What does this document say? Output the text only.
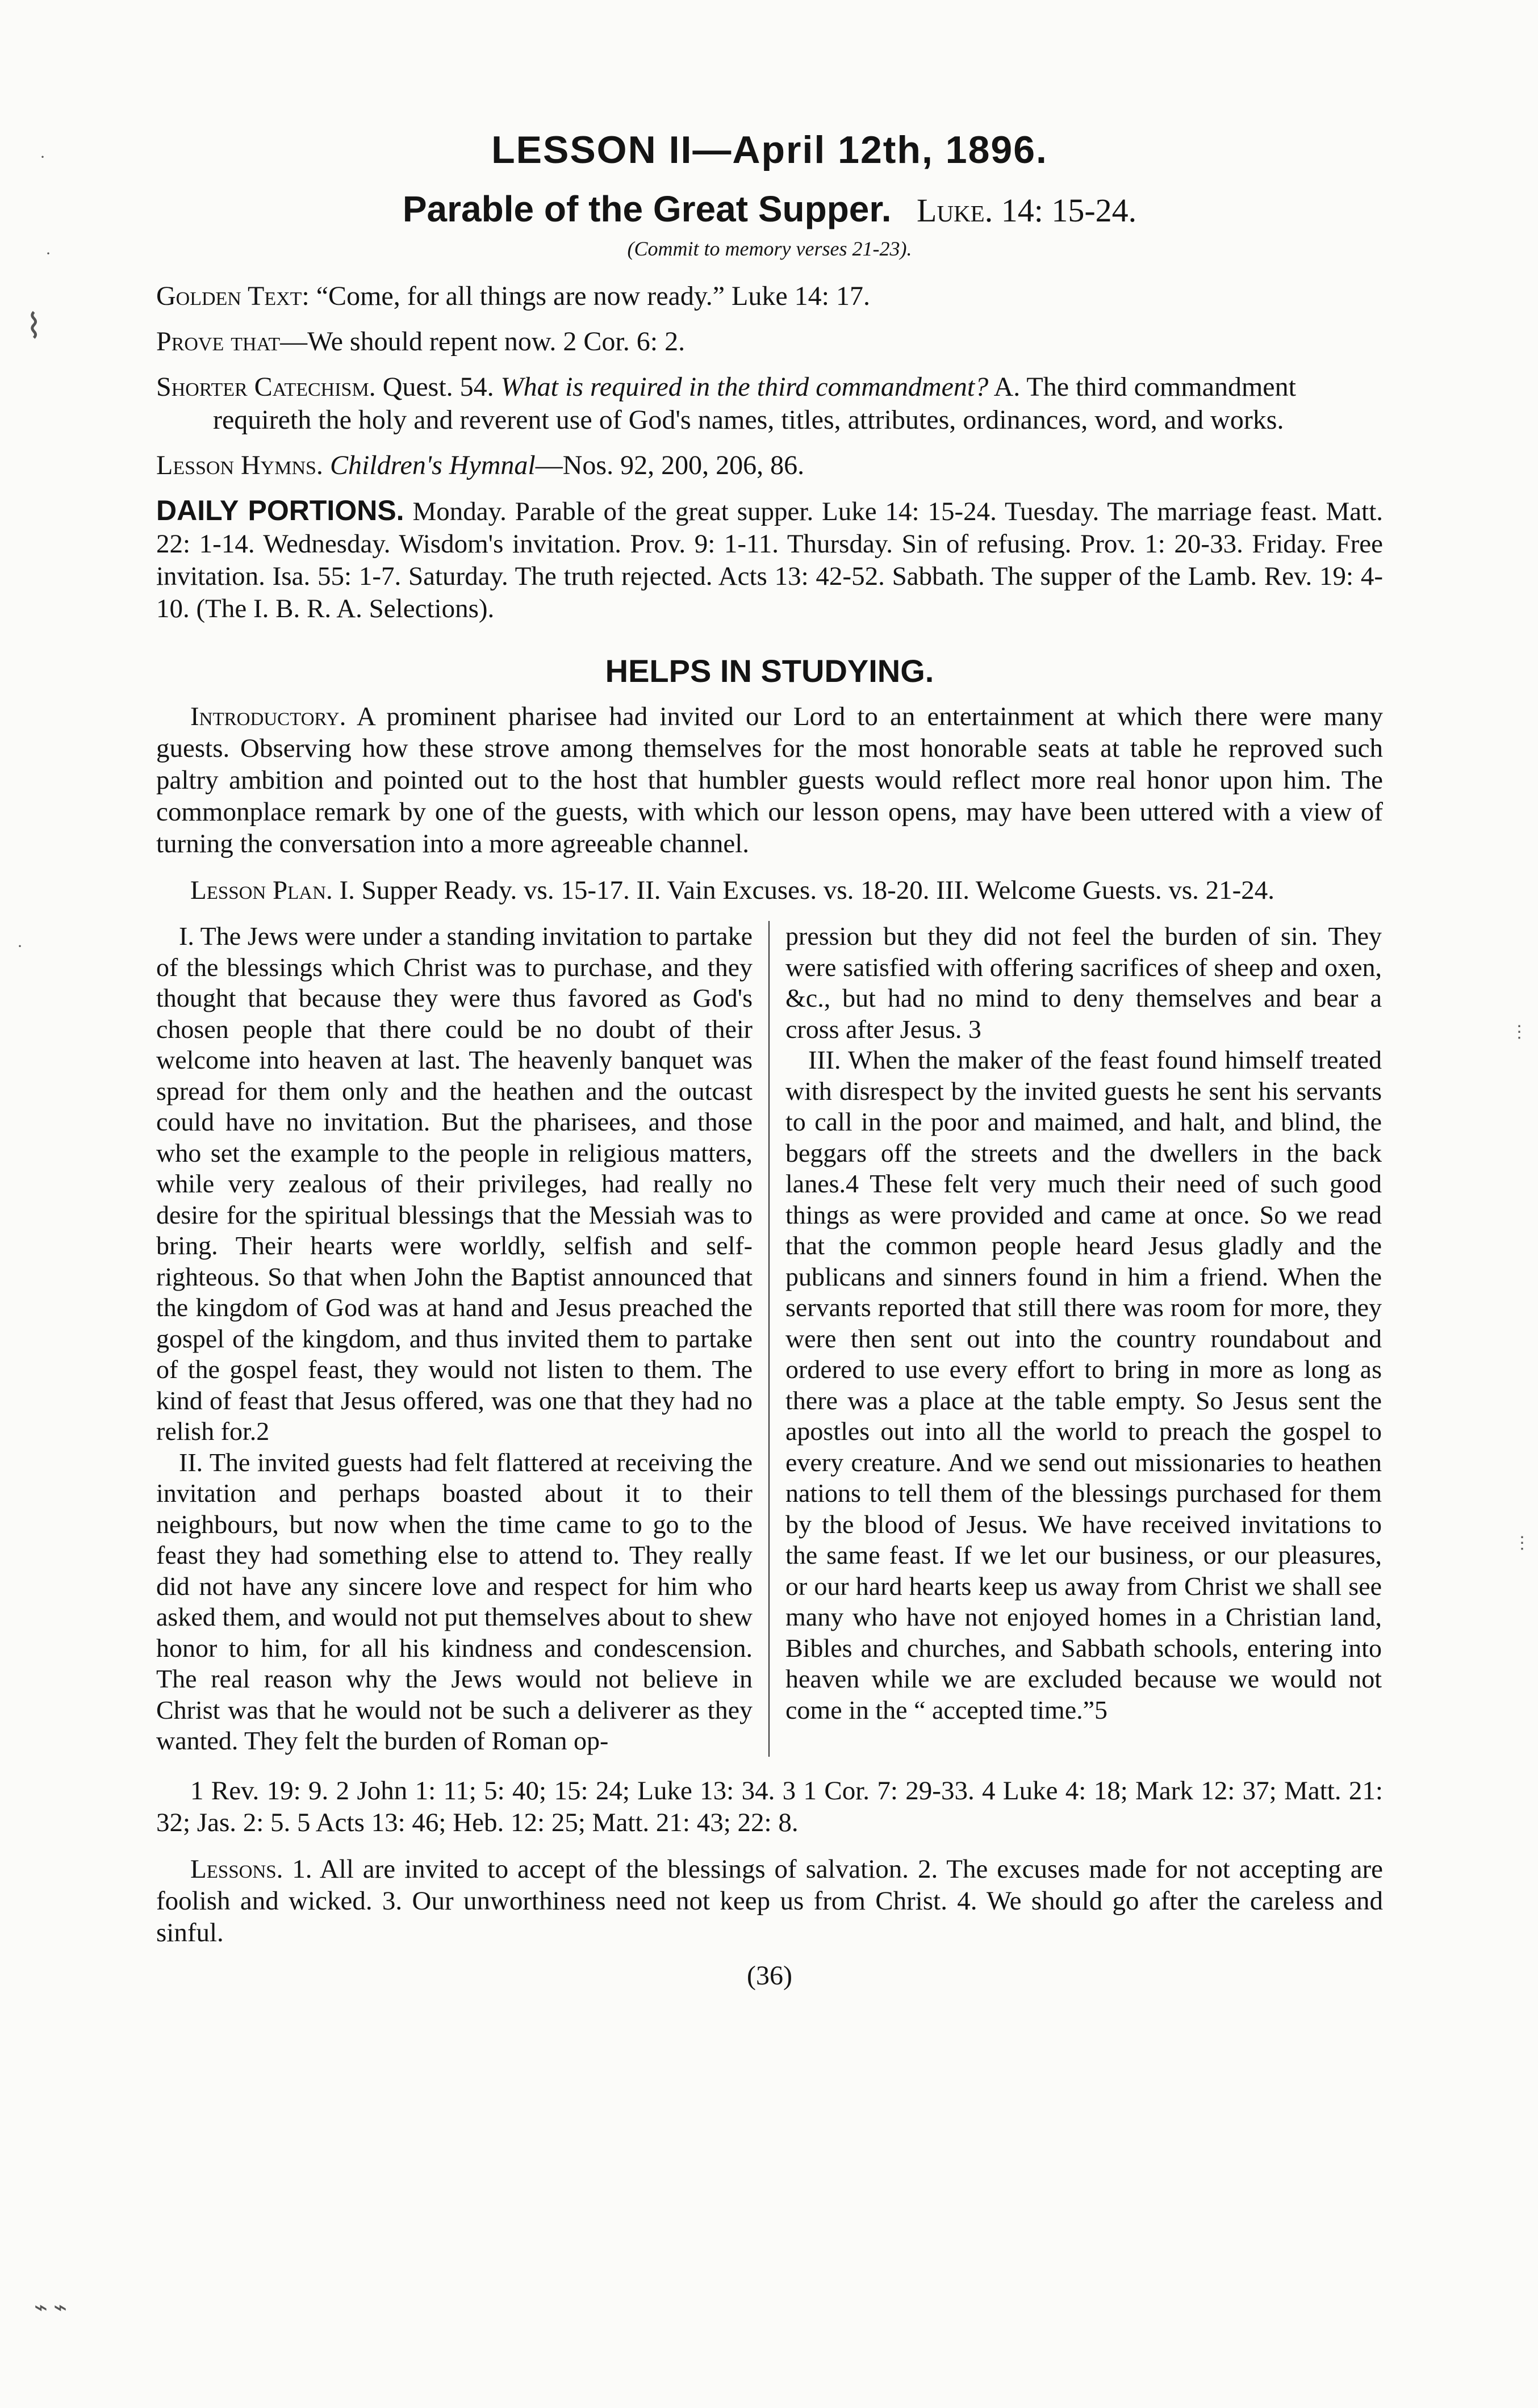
LESSON II—April 12th, 1896.
Parable of the Great Supper. Luke. 14: 15-24.
(Commit to memory verses 21-23).
Golden Text: “Come, for all things are now ready.” Luke 14: 17.
Prove that—We should repent now. 2 Cor. 6: 2.
Shorter Catechism. Quest. 54. What is required in the third commandment? A. The third commandment requireth the holy and reverent use of God's names, titles, attributes, ordinances, word, and works.
Lesson Hymns. Children's Hymnal—Nos. 92, 200, 206, 86.
DAILY PORTIONS. Monday. Parable of the great supper. Luke 14: 15-24. Tuesday. The marriage feast. Matt. 22: 1-14. Wednesday. Wisdom's invitation. Prov. 9: 1-11. Thursday. Sin of refusing. Prov. 1: 20-33. Friday. Free invitation. Isa. 55: 1-7. Saturday. The truth rejected. Acts 13: 42-52. Sabbath. The supper of the Lamb. Rev. 19: 4-10. (The I. B. R. A. Selections).
HELPS IN STUDYING.
Introductory. A prominent pharisee had invited our Lord to an entertainment at which there were many guests. Observing how these strove among themselves for the most honorable seats at table he reproved such paltry ambition and pointed out to the host that humbler guests would reflect more real honor upon him. The commonplace remark by one of the guests, with which our lesson opens, may have been uttered with a view of turning the conversation into a more agreeable channel.
Lesson Plan. I. Supper Ready. vs. 15-17. II. Vain Excuses. vs. 18-20. III. Welcome Guests. vs. 21-24.

I. The Jews were under a standing invitation to partake of the blessings which Christ was to purchase, and they thought that because they were thus favored as God's chosen people that there could be no doubt of their welcome into heaven at last. The heavenly banquet was spread for them only and the heathen and the outcast could have no invitation. But the pharisees, and those who set the example to the people in religious matters, while very zealous of their privileges, had really no desire for the spiritual blessings that the Messiah was to bring. Their hearts were worldly, selfish and self-righteous. So that when John the Baptist announced that the kingdom of God was at hand and Jesus preached the gospel of the kingdom, and thus invited them to partake of the gospel feast, they would not listen to them. The kind of feast that Jesus offered, was one that they had no relish for.2

II. The invited guests had felt flattered at receiving the invitation and perhaps boasted about it to their neighbours, but now when the time came to go to the feast they had something else to attend to. They really did not have any sincere love and respect for him who asked them, and would not put themselves about to shew honor to him, for all his kindness and condescension. The real reason why the Jews would not believe in Christ was that he would not be such a deliverer as they wanted. They felt the burden of Roman op-

pression but they did not feel the burden of sin. They were satisfied with offering sacrifices of sheep and oxen, &c., but had no mind to deny themselves and bear a cross after Jesus. 3

III. When the maker of the feast found himself treated with disrespect by the invited guests he sent his servants to call in the poor and maimed, and halt, and blind, the beggars off the streets and the dwellers in the back lanes.4 These felt very much their need of such good things as were provided and came at once. So we read that the common people heard Jesus gladly and the publicans and sinners found in him a friend. When the servants reported that still there was room for more, they were then sent out into the country roundabout and ordered to use every effort to bring in more as long as there was a place at the table empty. So Jesus sent the apostles out into all the world to preach the gospel to every creature. And we send out missionaries to heathen nations to tell them of the blessings purchased for them by the blood of Jesus. We have received invitations to the same feast. If we let our business, or our pleasures, or our hard hearts keep us away from Christ we shall see many who have not enjoyed homes in a Christian land, Bibles and churches, and Sabbath schools, entering into heaven while we are excluded because we would not come in the “ accepted time.”5

1 Rev. 19: 9. 2 John 1: 11; 5: 40; 15: 24; Luke 13: 34. 3 1 Cor. 7: 29-33. 4 Luke 4: 18; Mark 12: 37; Matt. 21: 32; Jas. 2: 5. 5 Acts 13: 46; Heb. 12: 25; Matt. 21: 43; 22: 8.
Lessons. 1. All are invited to accept of the blessings of salvation. 2. The excuses made for not accepting are foolish and wicked. 3. Our unworthiness need not keep us from Christ. 4. We should go after the careless and sinful.
(36)
·
·
⌇
·
⋮
⋮
⌁ ⌁
